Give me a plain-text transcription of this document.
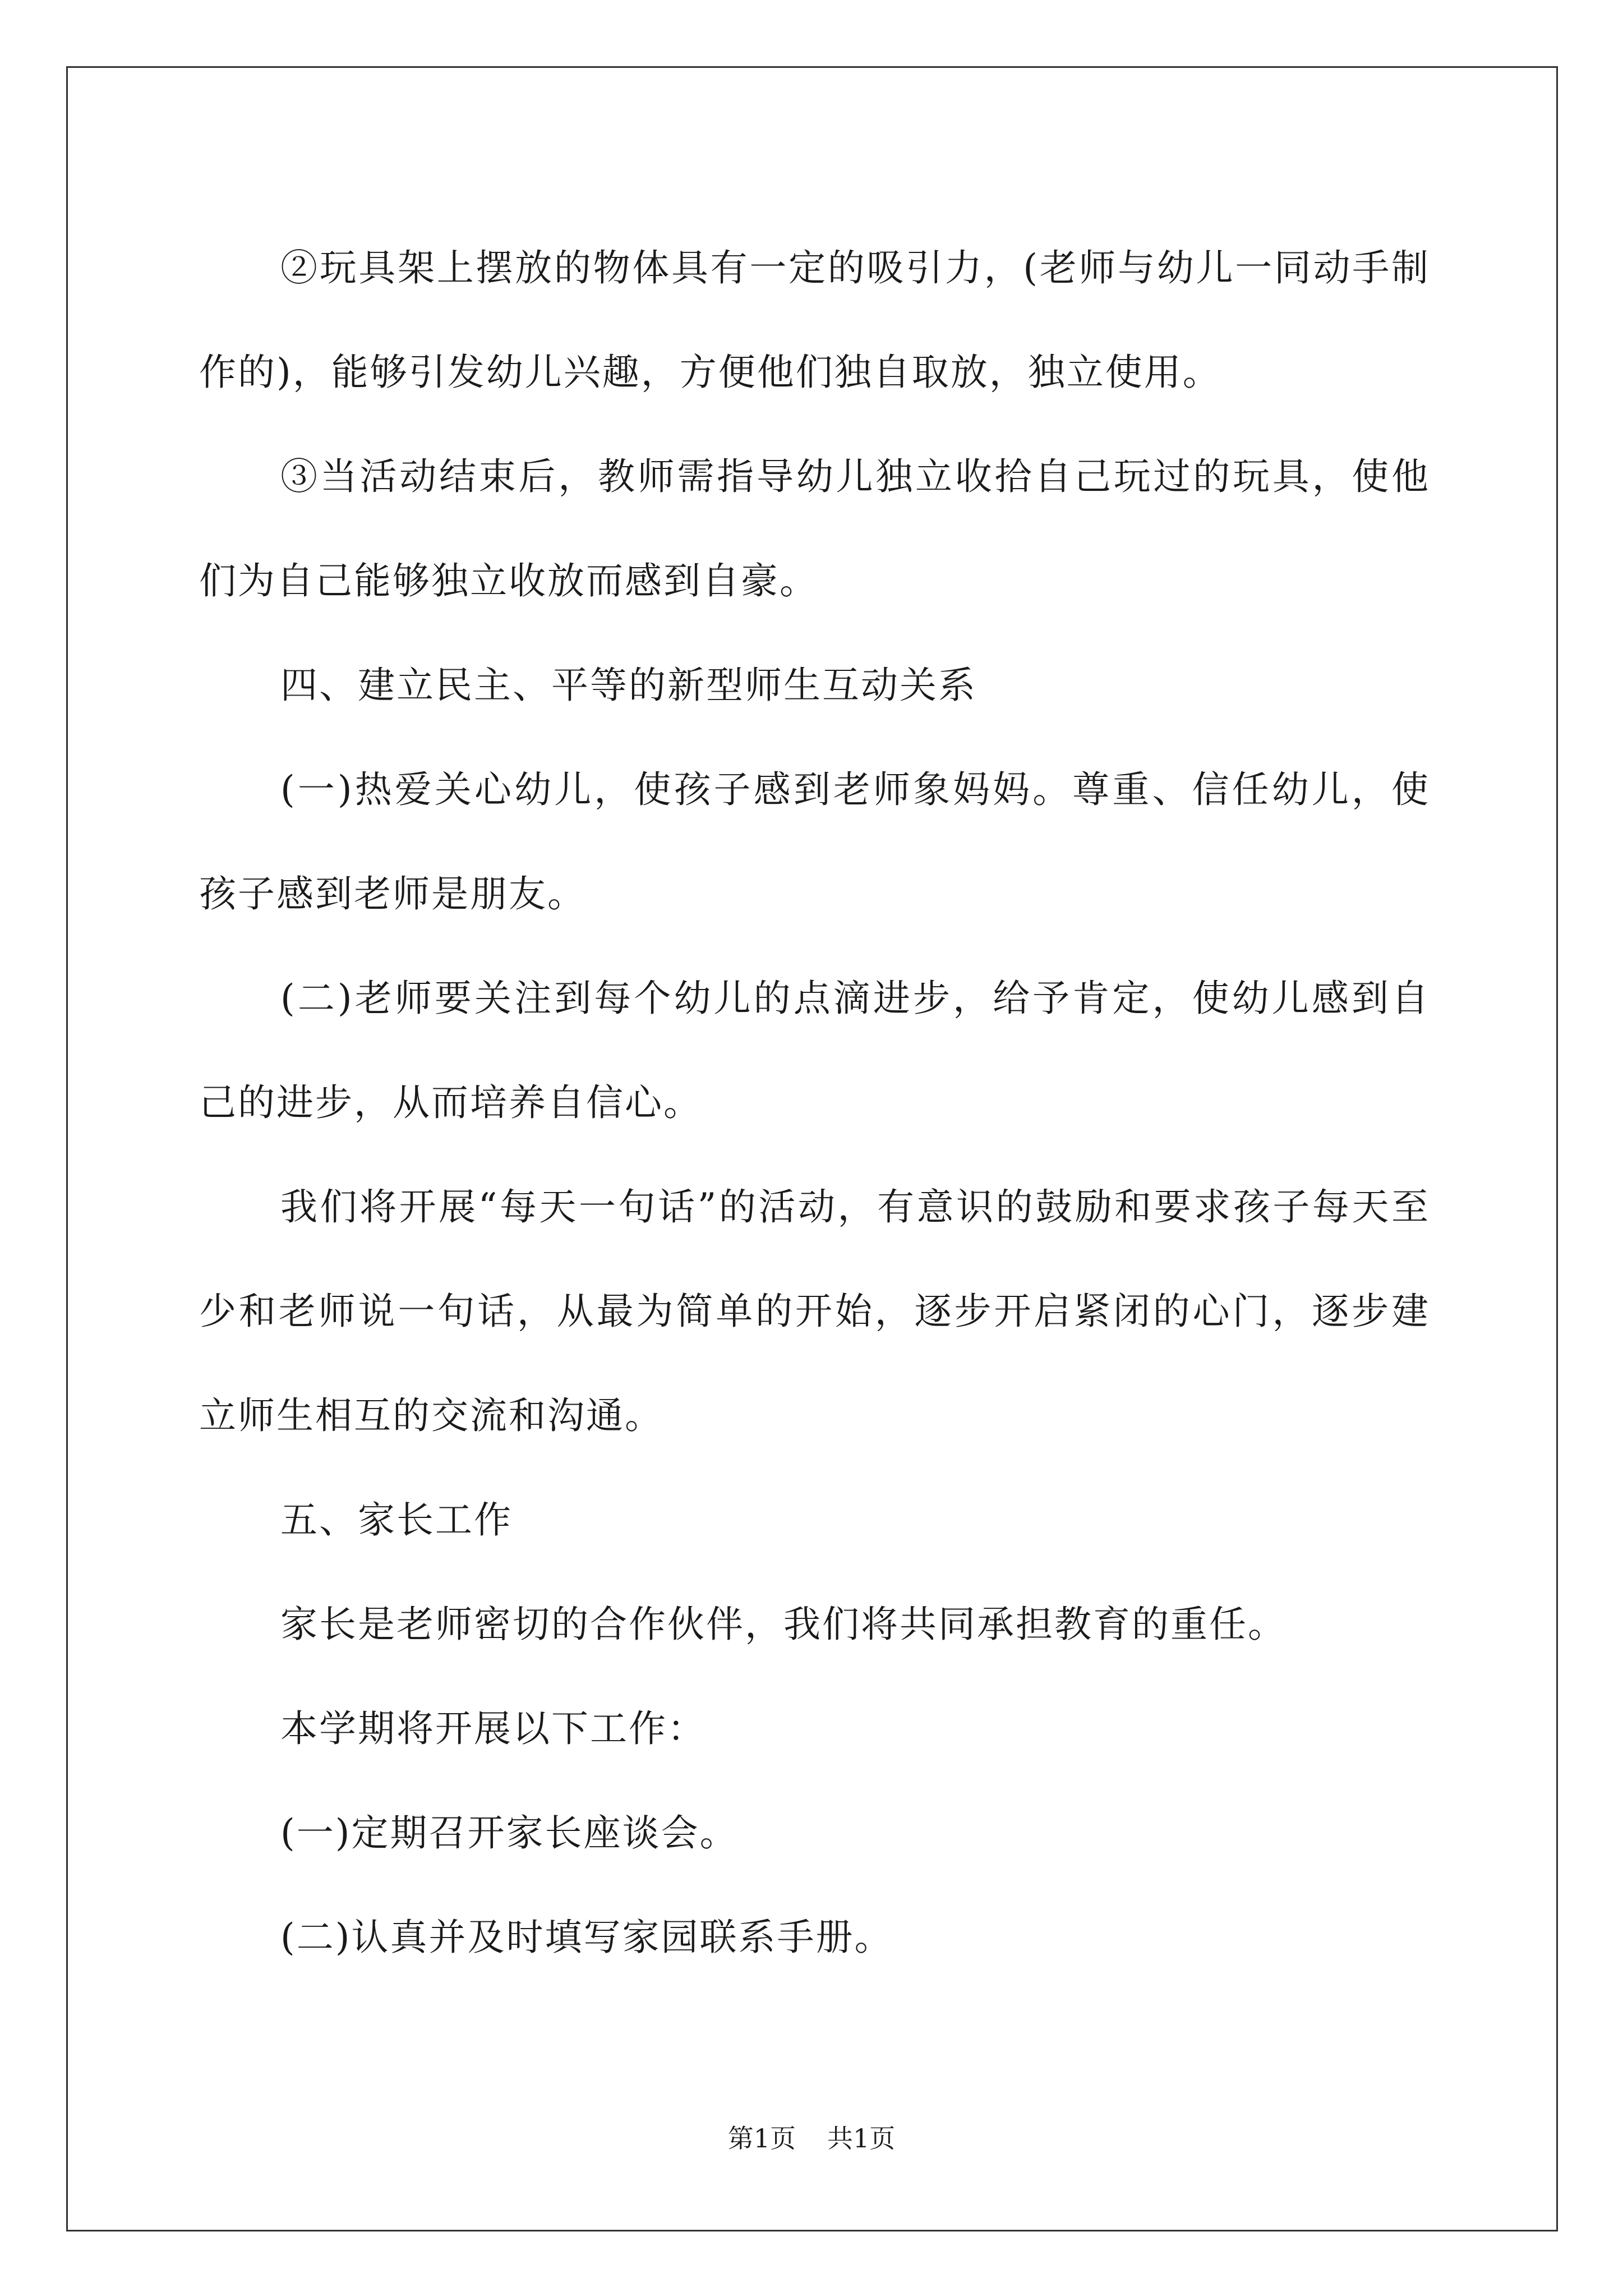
②玩具架上摆放的物体具有一定的吸引力，(老师与幼儿一同动手制作的)，能够引发幼儿兴趣，方便他们独自取放，独立使用。

③当活动结束后，教师需指导幼儿独立收拾自己玩过的玩具，使他们为自己能够独立收放而感到自豪。

四、建立民主、平等的新型师生互动关系

(一)热爱关心幼儿，使孩子感到老师象妈妈。尊重、信任幼儿，使孩子感到老师是朋友。

(二)老师要关注到每个幼儿的点滴进步，给予肯定，使幼儿感到自己的进步，从而培养自信心。

我们将开展“每天一句话”的活动，有意识的鼓励和要求孩子每天至少和老师说一句话，从最为简单的开始，逐步开启紧闭的心门，逐步建立师生相互的交流和沟通。

五、家长工作

家长是老师密切的合作伙伴，我们将共同承担教育的重任。

本学期将开展以下工作：

(一)定期召开家长座谈会。

(二)认真并及时填写家园联系手册。

第1页 共1页
